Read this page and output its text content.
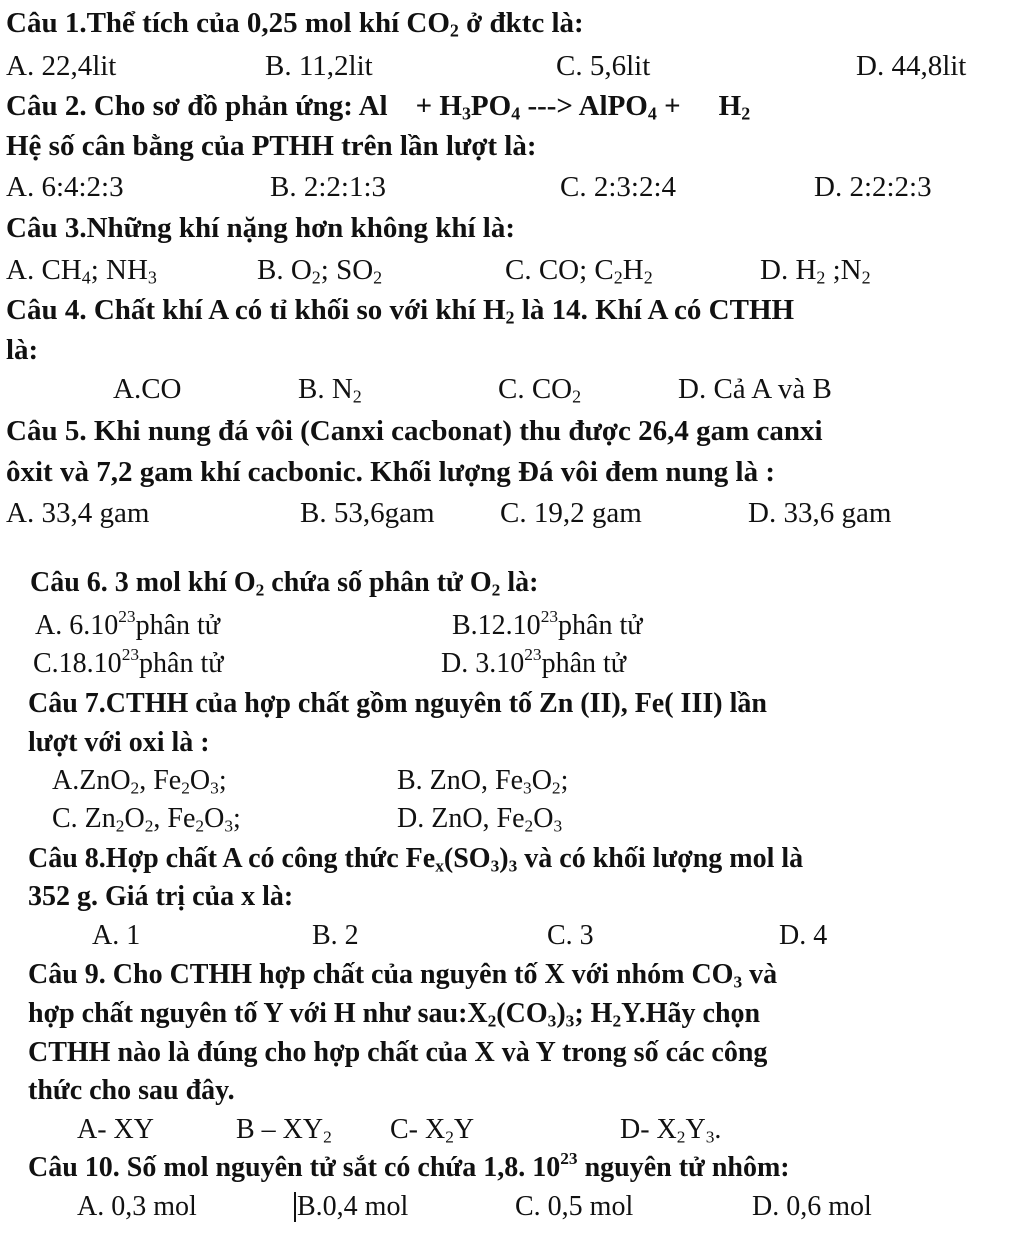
Câu 1.Thể tích của 0,25 mol khí $CO_2$ ở đktc là:
A. 22,4lit	B. 11,2lit	C. 5,6lit	D. 44,8lit
Câu 2. Cho sơ đồ phản ứng: $Al + H_3PO_4$ ---> AlPO$_4$ + $H_2$
Hệ số cân bằng của PTHH trên lần lượt là:
A. 6:4:2:3	B. 2:2:1:3	C. 2:3:2:4	D. 2:2:2:3
Câu 3.Những khí nặng hơn không khí là:
A. $CH_4$; $NH_3$	B. $O_2$; $SO_2$	C. CO; $C_2H_2$	D. $H_2$ $;N_2$
Câu 4. Chất khí A có tỉ khối so với khí $H_2$ là 14. Khí A có CTHH
là:
A.CO	B. $N_2$	C. $CO_2$	D. Cả A và B
Câu 5. Khi nung đá vôi (Canxi cacbonat) thu được 26,4 gam canxi
ôxit và 7,2 gam khí cacbonic. Khối lượng Đá vôi đem nung là :
A. 33,4 gam	B. 53,6gam C. 19,2 gam	D. 33,6 gam
Câu 6. 3 mol khí $O_2$ chứa số phân tử $O_2$ là:
A. 6.10$^{23}$phân tử	B.12.10$^{23}$phân tử
C.18.10$^{23}$phân tử	D. 3.10$^{23}$phân tử
Câu 7.CTHH của hợp chất gồm nguyên tố Zn (II), Fe( III) lần
lượt với oxi là :
A.ZnO$_2$, $Fe_2O_3$;	B. ZnO, $Fe_3O_2$;
C. $Zn_2O_2$, $Fe_2O_3$;	D. ZnO, $Fe_2O_3$
Câu 8.Hợp chất A có công thức $Fe_x(SO_3)_3$ và có khối lượng mol là
352 g. Giá trị của x là:
A. 1	B. 2	C. 3	D. 4
Câu 9. Cho CTHH hợp chất của nguyên tố X với nhóm $CO_3$ và
hợp chất nguyên tố Y với H như $sau:X_2(CO_3)_3$; $H_2Y.Hãy$ chọn
CTHH nào là đúng cho hợp chất của X và Y trong số các công
thức cho sau đây.
A- XY	B – $XY_2$ C- $X_2Y$	D- $X_2Y_3$.
Câu 10. Số mol nguyên tử sắt có chứa 1,8. $10^{23}$ nguyên tử nhôm:
A. 0,3 mol	B.0,4 mol	C. 0,5 mol	D. 0,6 mol
